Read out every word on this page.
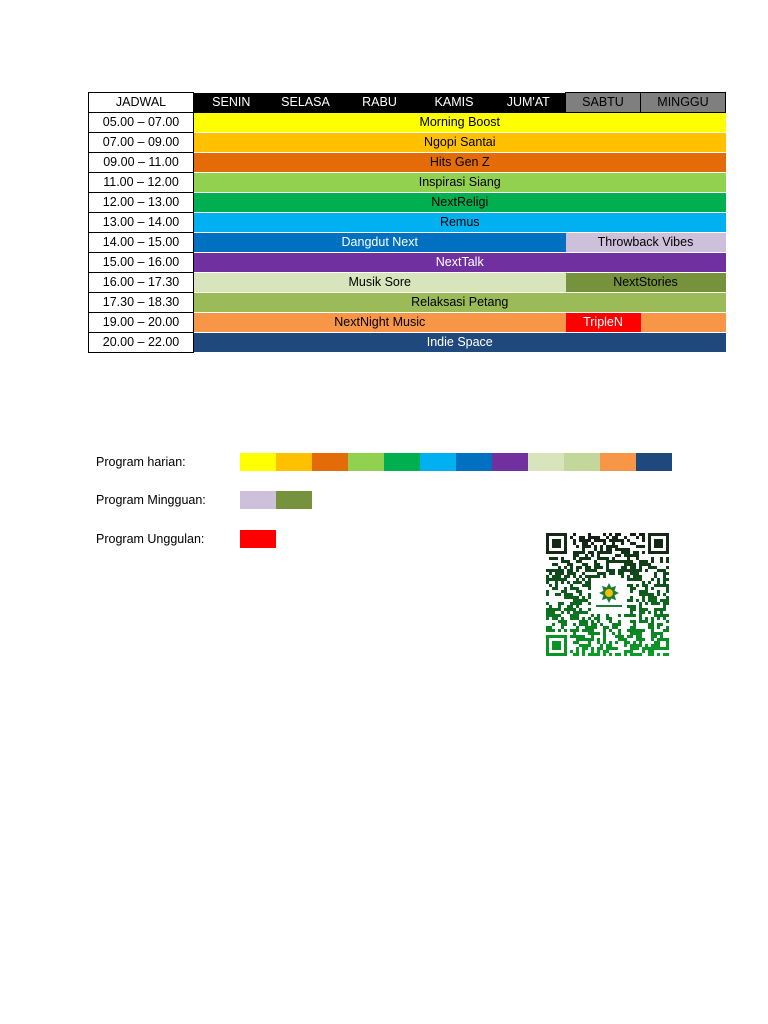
JADWAL	SENIN	SELASA	RABU	KAMIS	JUM'AT	SABTU	MINGGU
05.00 – 07.00	Morning Boost						
07.00 – 09.00	Ngopi Santai						
09.00 – 11.00	Hits Gen Z						
11.00 – 12.00	Inspirasi Siang						
12.00 – 13.00	NextReligi						
13.00 – 14.00	Remus						
14.00 – 15.00	Dangdut Next					Throwback Vibes	
15.00 – 16.00	NextTalk						
16.00 – 17.30	Musik Sore					NextStories	
17.30 – 18.30	Relaksasi Petang						
19.00 – 20.00	NextNight Music					TripleN	
20.00 – 22.00	Indie Space						
Program harian:
Program Mingguan:
Program Unggulan:
